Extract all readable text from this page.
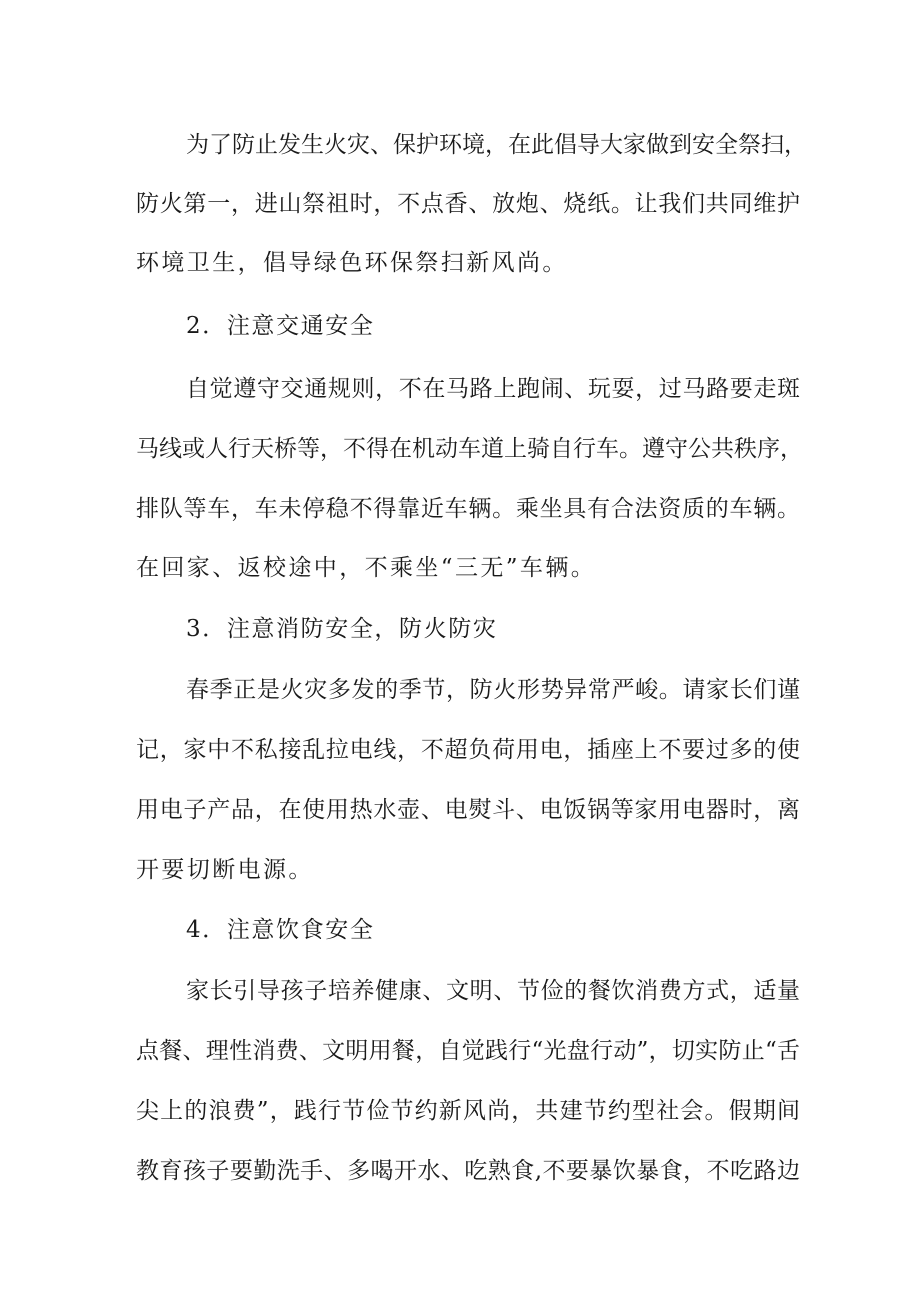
为了防止发生火灾、保护环境，在此倡导大家做到安全祭扫，
防火第一，进山祭祖时，不点香、放炮、烧纸。让我们共同维护
环境卫生，倡导绿色环保祭扫新风尚。
2．注意交通安全
自觉遵守交通规则，不在马路上跑闹、玩耍，过马路要走斑
马线或人行天桥等，不得在机动车道上骑自行车。遵守公共秩序，
排队等车，车未停稳不得靠近车辆。乘坐具有合法资质的车辆。
在回家、返校途中，不乘坐“三无”车辆。
3．注意消防安全，防火防灾
春季正是火灾多发的季节，防火形势异常严峻。请家长们谨
记，家中不私接乱拉电线，不超负荷用电，插座上不要过多的使
用电子产品，在使用热水壶、电熨斗、电饭锅等家用电器时，离
开要切断电源。
4．注意饮食安全
家长引导孩子培养健康、文明、节俭的餐饮消费方式，适量
点餐、理性消费、文明用餐，自觉践行“光盘行动”，切实防止“舌
尖上的浪费”，践行节俭节约新风尚，共建节约型社会。假期间
教育孩子要勤洗手、多喝开水、吃熟食,不要暴饮暴食，不吃路边
